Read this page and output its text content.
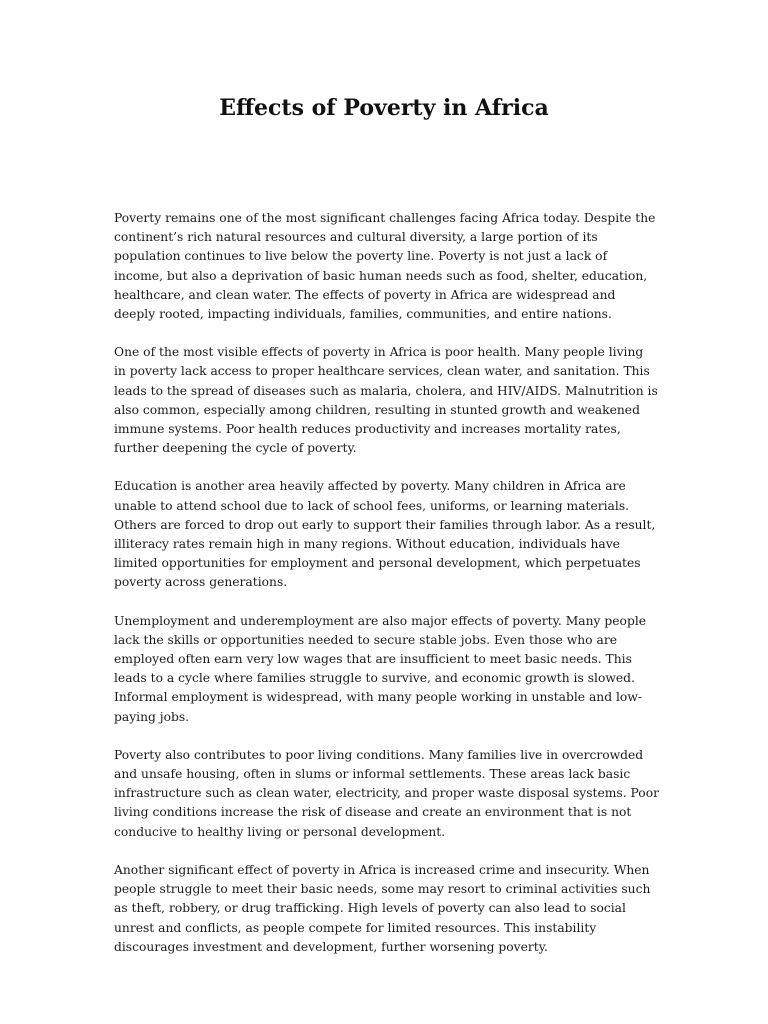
Effects of Poverty in Africa

Poverty remains one of the most significant challenges facing Africa today. Despite the continent’s rich natural resources and cultural diversity, a large portion of its population continues to live below the poverty line. Poverty is not just a lack of income, but also a deprivation of basic human needs such as food, shelter, education, healthcare, and clean water. The effects of poverty in Africa are widespread and deeply rooted, impacting individuals, families, communities, and entire nations.

One of the most visible effects of poverty in Africa is poor health. Many people living in poverty lack access to proper healthcare services, clean water, and sanitation. This leads to the spread of diseases such as malaria, cholera, and HIV/AIDS. Malnutrition is also common, especially among children, resulting in stunted growth and weakened immune systems. Poor health reduces productivity and increases mortality rates, further deepening the cycle of poverty.

Education is another area heavily affected by poverty. Many children in Africa are unable to attend school due to lack of school fees, uniforms, or learning materials. Others are forced to drop out early to support their families through labor. As a result, illiteracy rates remain high in many regions. Without education, individuals have limited opportunities for employment and personal development, which perpetuates poverty across generations.

Unemployment and underemployment are also major effects of poverty. Many people lack the skills or opportunities needed to secure stable jobs. Even those who are employed often earn very low wages that are insufficient to meet basic needs. This leads to a cycle where families struggle to survive, and economic growth is slowed. Informal employment is widespread, with many people working in unstable and low-paying jobs.

Poverty also contributes to poor living conditions. Many families live in overcrowded and unsafe housing, often in slums or informal settlements. These areas lack basic infrastructure such as clean water, electricity, and proper waste disposal systems. Poor living conditions increase the risk of disease and create an environment that is not conducive to healthy living or personal development.

Another significant effect of poverty in Africa is increased crime and insecurity. When people struggle to meet their basic needs, some may resort to criminal activities such as theft, robbery, or drug trafficking. High levels of poverty can also lead to social unrest and conflicts, as people compete for limited resources. This instability discourages investment and development, further worsening poverty.
